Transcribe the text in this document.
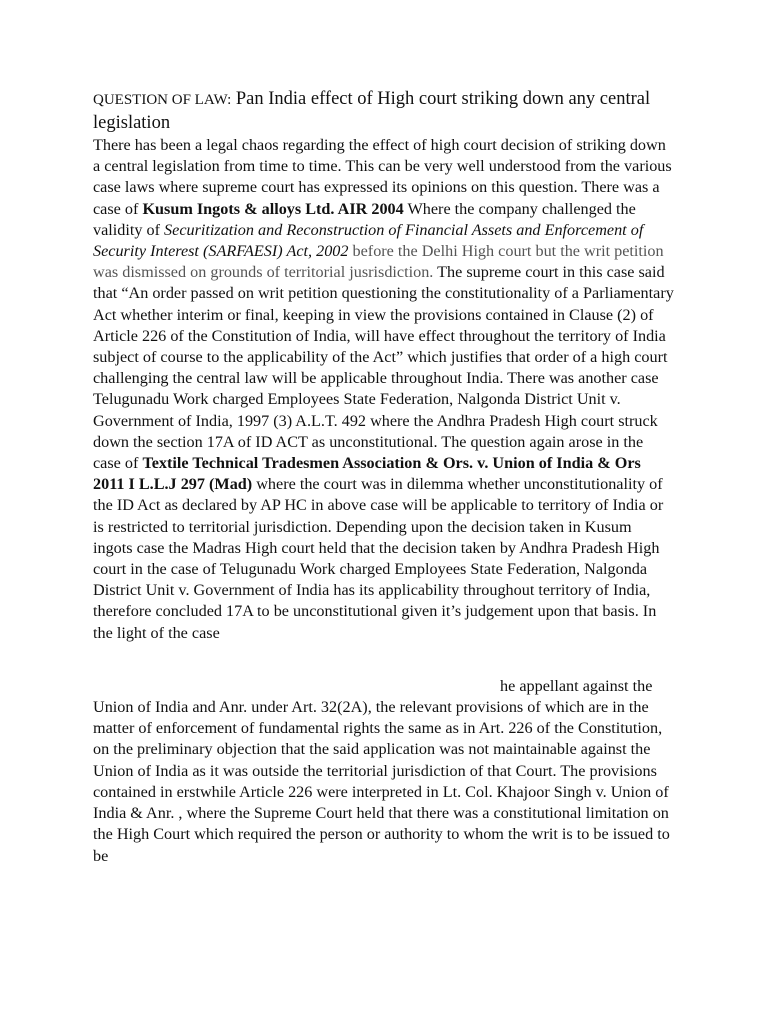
QUESTION OF LAW: Pan India effect of High court striking down any central legislation

There has been a legal chaos regarding the effect of high court decision of striking down a central legislation from time to time. This can be very well understood from the various case laws where supreme court has expressed its opinions on this question. There was a case of Kusum Ingots & alloys Ltd. AIR 2004 Where the company challenged the validity of Securitization and Reconstruction of Financial Assets and Enforcement of Security Interest (SARFAESI) Act, 2002 before the Delhi High court but the writ petition was dismissed on grounds of territorial jusrisdiction. The supreme court in this case said that “An order passed on writ petition questioning the constitutionality of a Parliamentary Act whether interim or final, keeping in view the provisions contained in Clause (2) of Article 226 of the Constitution of India, will have effect throughout the territory of India subject of course to the applicability of the Act” which justifies that order of a high court challenging the central law will be applicable throughout India. There was another case Telugunadu Work charged Employees State Federation, Nalgonda District Unit v. Government of India, 1997 (3) A.L.T. 492 where the Andhra Pradesh High court struck down the section 17A of ID ACT as unconstitutional. The question again arose in the case of Textile Technical Tradesmen Association & Ors. v. Union of India & Ors 2011 I L.L.J 297 (Mad) where the court was in dilemma whether unconstitutionality of the ID Act as declared by AP HC in above case will be applicable to territory of India or is restricted to territorial jurisdiction. Depending upon the decision taken in Kusum ingots case the Madras High court held that the decision taken by Andhra Pradesh High court in the case of Telugunadu Work charged Employees State Federation, Nalgonda District Unit v. Government of India has its applicability throughout territory of India, therefore concluded 17A to be unconstitutional given it’s judgement upon that basis. In the light of the case

he appellant against the Union of India and Anr. under Art. 32(2A), the relevant provisions of which are in the matter of enforcement of fundamental rights the same as in Art. 226 of the Constitution, on the preliminary objection that the said application was not maintainable against the Union of India as it was outside the territorial jurisdiction of that Court. The provisions contained in erstwhile Article 226 were interpreted in Lt. Col. Khajoor Singh v. Union of India & Anr. , where the Supreme Court held that there was a constitutional limitation on the High Court which required the person or authority to whom the writ is to be issued to be
